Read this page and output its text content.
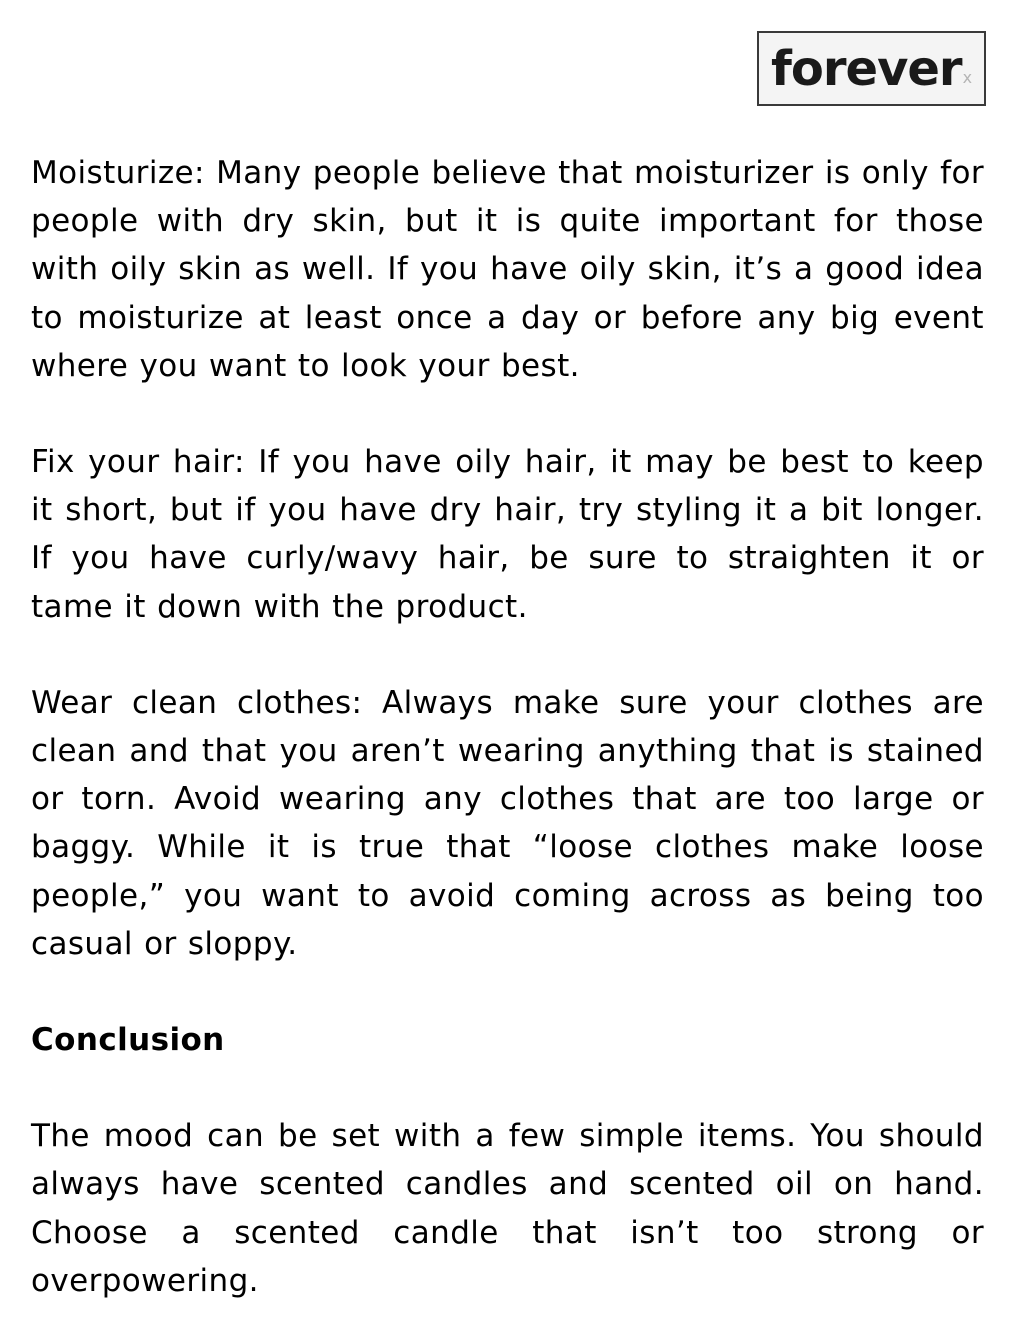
forever x

Moisturize: Many people believe that moisturizer is only for people with dry skin, but it is quite important for those with oily skin as well. If you have oily skin, it’s a good idea to moisturize at least once a day or before any big event where you want to look your best.

Fix your hair: If you have oily hair, it may be best to keep it short, but if you have dry hair, try styling it a bit longer. If you have curly/wavy hair, be sure to straighten it or tame it down with the product.

Wear clean clothes: Always make sure your clothes are clean and that you aren’t wearing anything that is stained or torn. Avoid wearing any clothes that are too large or baggy. While it is true that “loose clothes make loose people,” you want to avoid coming across as being too casual or sloppy.

Conclusion

The mood can be set with a few simple items. You should always have scented candles and scented oil on hand. Choose a scented candle that isn’t too strong or overpowering.
